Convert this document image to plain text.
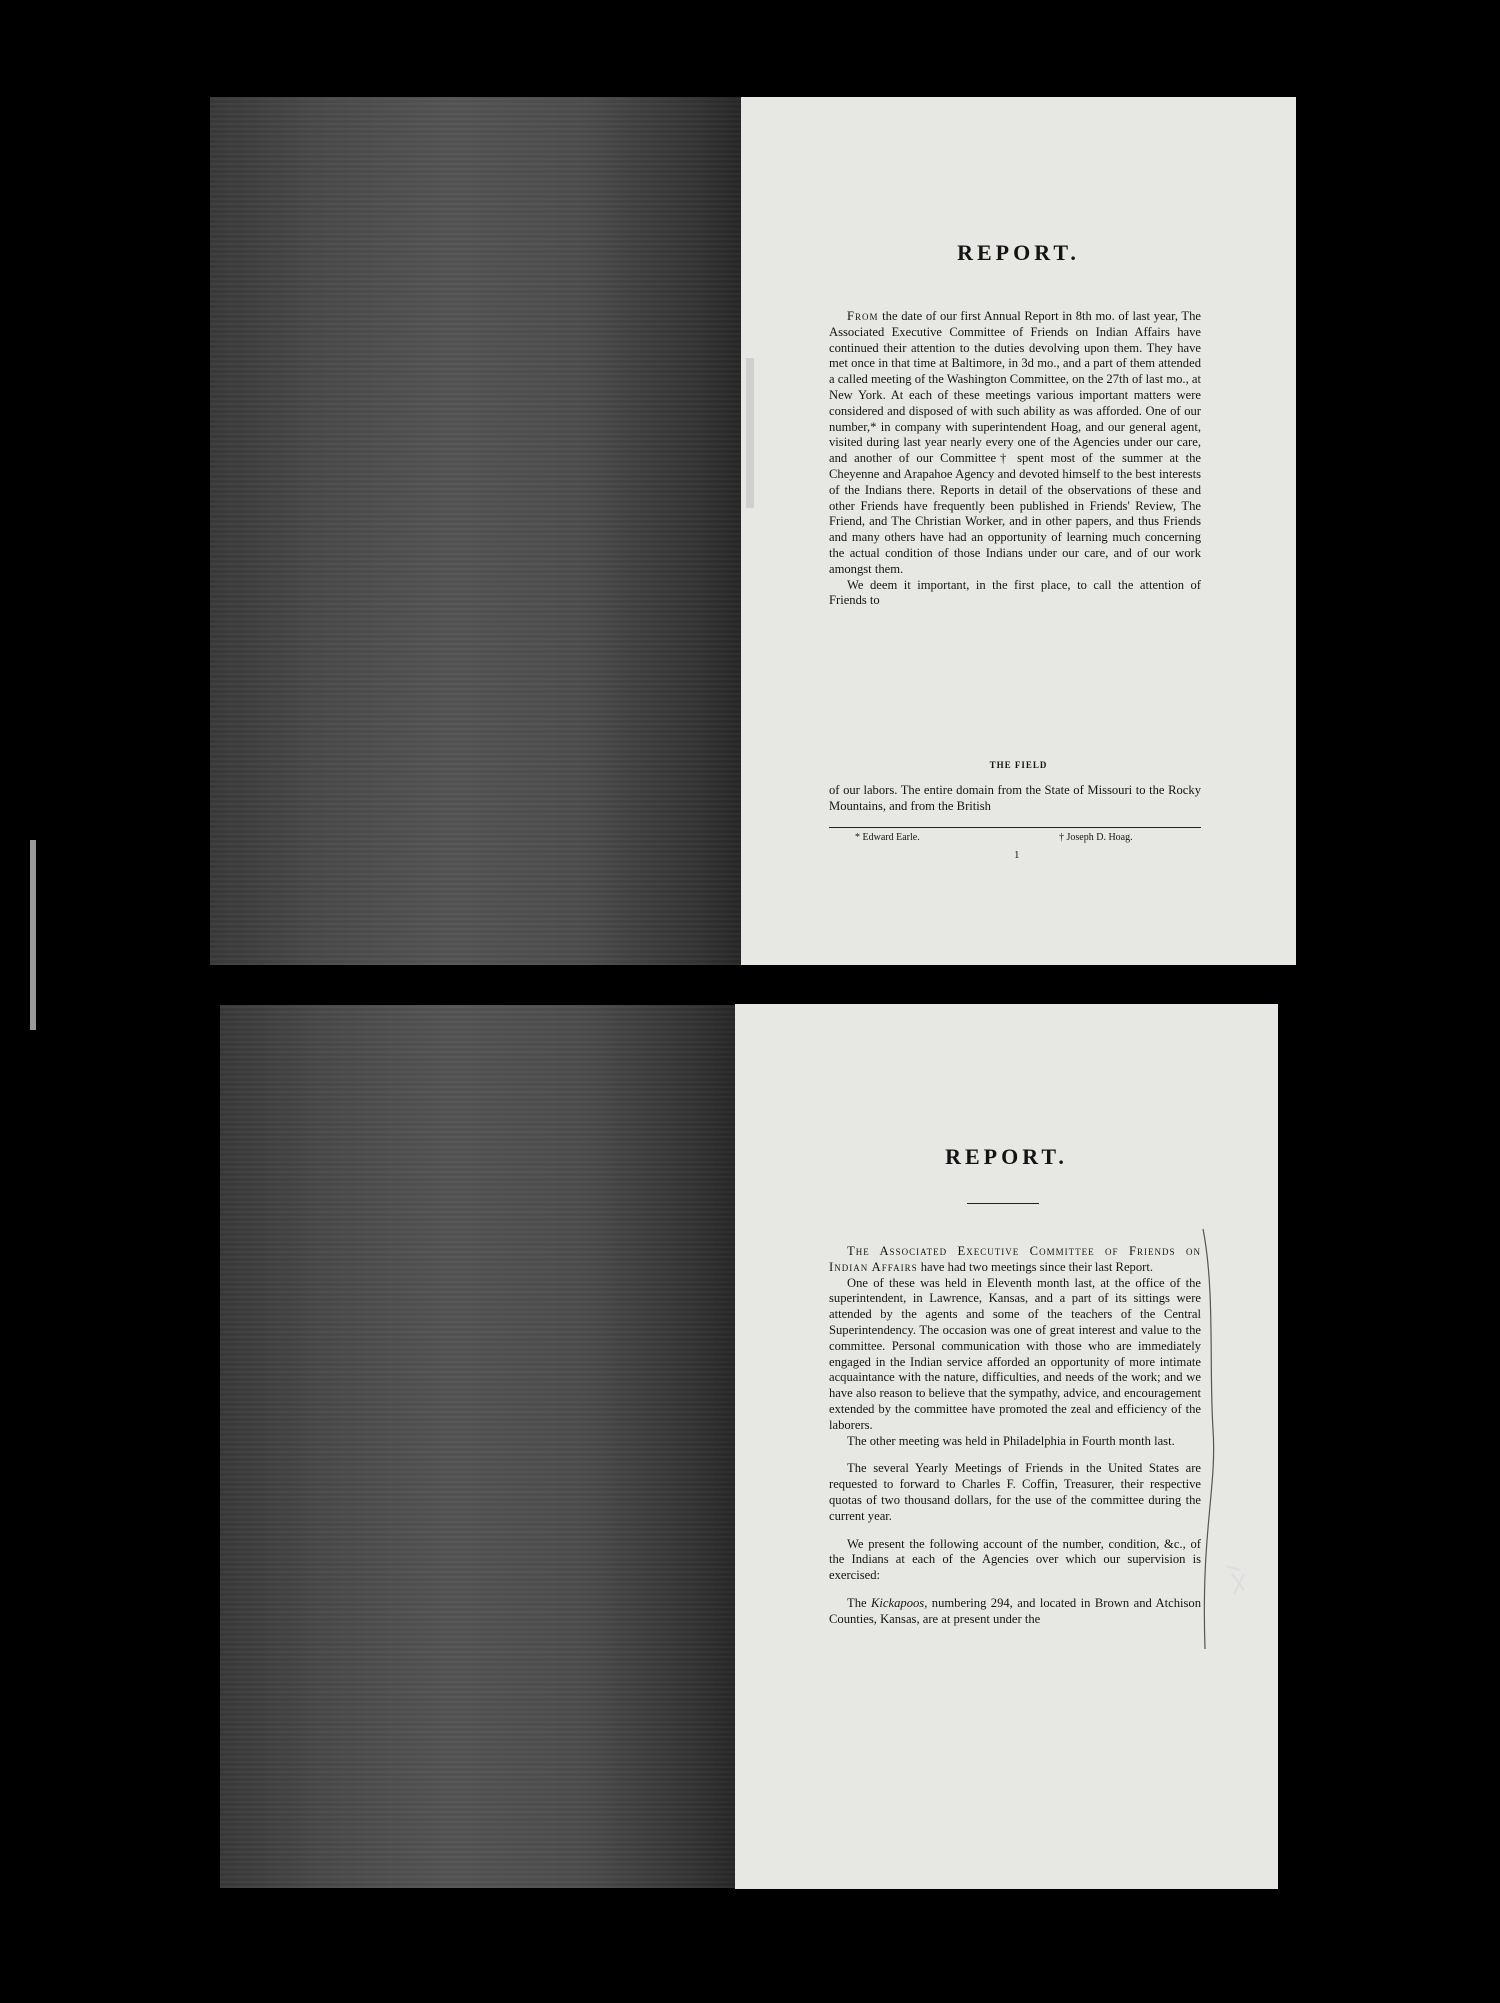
REPORT.

From the date of our first Annual Report in 8th mo. of last year, The Associated Executive Committee of Friends on Indian Affairs have continued their attention to the duties devolving upon them. They have met once in that time at Baltimore, in 3d mo., and a part of them attended a called meeting of the Washington Committee, on the 27th of last mo., at New York. At each of these meetings various important matters were considered and disposed of with such ability as was afforded. One of our number,* in company with superintendent Hoag, and our general agent, visited during last year nearly every one of the Agencies under our care, and another of our Committee† spent most of the summer at the Cheyenne and Arapahoe Agency and devoted himself to the best interests of the Indians there. Reports in detail of the observations of these and other Friends have frequently been published in Friends' Review, The Friend, and The Christian Worker, and in other papers, and thus Friends and many others have had an opportunity of learning much concerning the actual condition of those Indians under our care, and of our work amongst them.

We deem it important, in the first place, to call the attention of Friends to

THE FIELD

of our labors. The entire domain from the State of Missouri to the Rocky Mountains, and from the British

* Edward Earle.	† Joseph D. Hoag.
1
REPORT.

The Associated Executive Committee of Friends on Indian Affairs have had two meetings since their last Report.

One of these was held in Eleventh month last, at the office of the superintendent, in Lawrence, Kansas, and a part of its sittings were attended by the agents and some of the teachers of the Central Superintendency. The occasion was one of great interest and value to the committee. Personal communication with those who are immediately engaged in the Indian service afforded an opportunity of more intimate acquaintance with the nature, difficulties, and needs of the work; and we have also reason to believe that the sympathy, advice, and encouragement extended by the committee have promoted the zeal and efficiency of the laborers.

The other meeting was held in Philadelphia in Fourth month last.

The several Yearly Meetings of Friends in the United States are requested to forward to Charles F. Coffin, Treasurer, their respective quotas of two thousand dollars, for the use of the committee during the current year.

We present the following account of the number, condition, &c., of the Indians at each of the Agencies over which our supervision is exercised:

The Kickapoos, numbering 294, and located in Brown and Atchison Counties, Kansas, are at present under the
